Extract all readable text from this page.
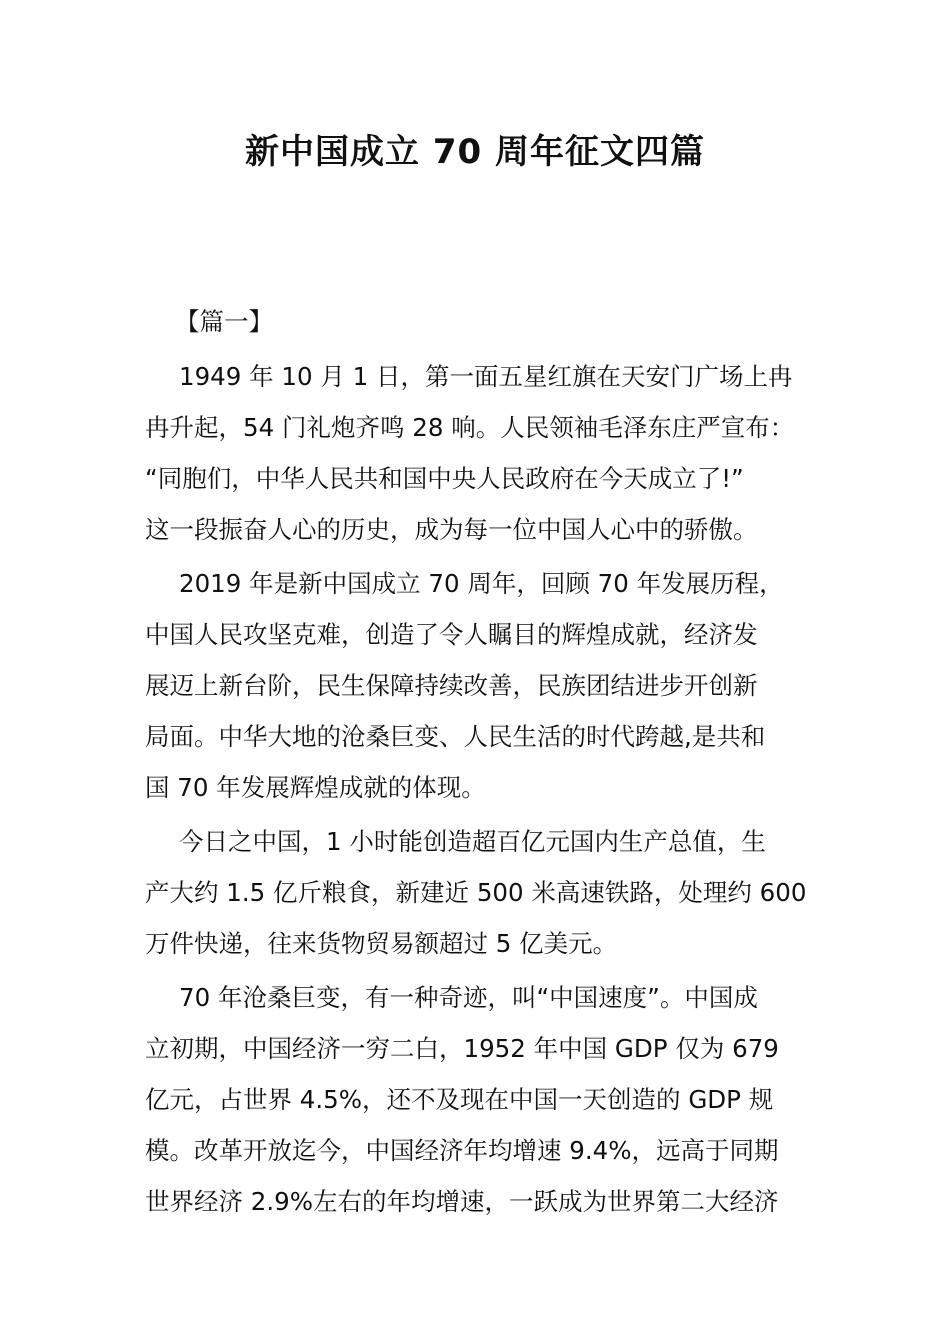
新中国成立 70 周年征文四篇
【篇一】
1949 年 10 月 1 日，第一面五星红旗在天安门广场上冉
冉升起，54 门礼炮齐鸣 28 响。人民领袖毛泽东庄严宣布：
“同胞们，中华人民共和国中央人民政府在今天成立了!”
这一段振奋人心的历史，成为每一位中国人心中的骄傲。
2019 年是新中国成立 70 周年，回顾 70 年发展历程，
中国人民攻坚克难，创造了令人瞩目的辉煌成就，经济发
展迈上新台阶，民生保障持续改善，民族团结进步开创新
局面。中华大地的沧桑巨变、人民生活的时代跨越,是共和
国 70 年发展辉煌成就的体现。
今日之中国，1 小时能创造超百亿元国内生产总值，生
产大约 1.5 亿斤粮食，新建近 500 米高速铁路，处理约 600
万件快递，往来货物贸易额超过 5 亿美元。
70 年沧桑巨变，有一种奇迹，叫“中国速度”。中国成
立初期，中国经济一穷二白，1952 年中国 GDP 仅为 679
亿元，占世界 4.5%，还不及现在中国一天创造的 GDP 规
模。改革开放迄今，中国经济年均增速 9.4%，远高于同期
世界经济 2.9%左右的年均增速，一跃成为世界第二大经济
